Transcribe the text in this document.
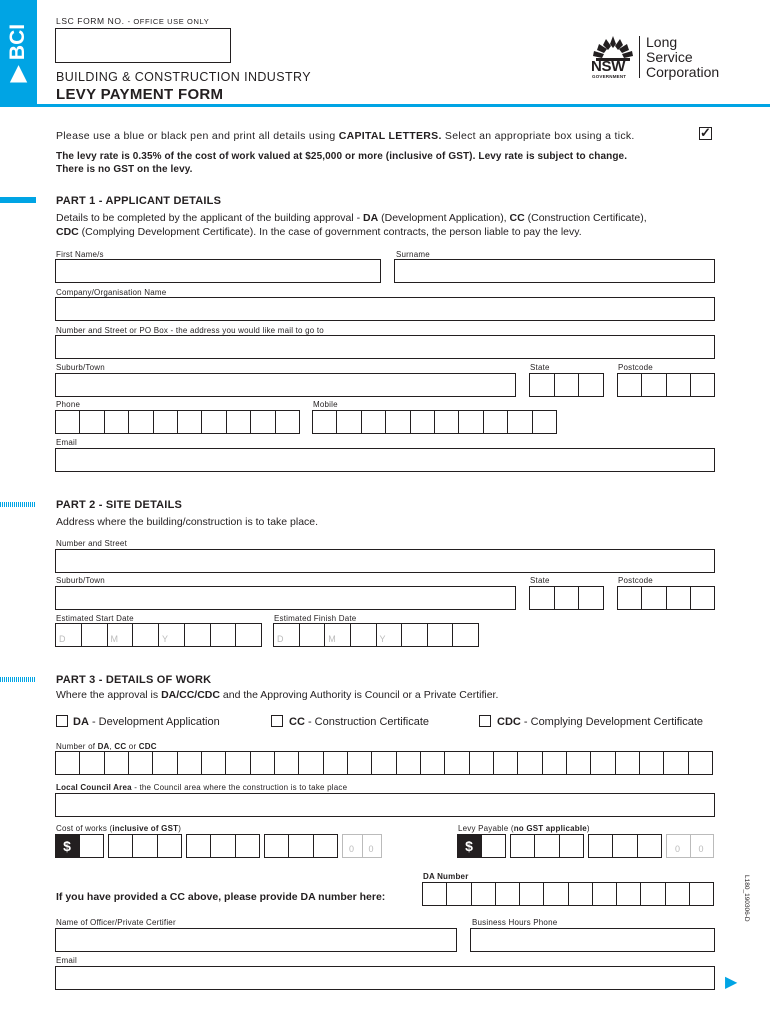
▶ BCI
LSC FORM NO. - OFFICE USE ONLY
BUILDING & CONSTRUCTION INDUSTRY
LEVY PAYMENT FORM
NSW
GOVERNMENT
Long
Service
Corporation
Please use a blue or black pen and print all details using CAPITAL LETTERS. Select an appropriate box using a tick.	✓
The levy rate is 0.35% of the cost of work valued at $25,000 or more (inclusive of GST). Levy rate is subject to change.
There is no GST on the levy.
PART 1 - APPLICANT DETAILS
Details to be completed by the applicant of the building approval - DA (Development Application), CC (Construction Certificate),
CDC (Complying Development Certificate). In the case of government contracts, the person liable to pay the levy.
First Name/s	Surname
Company/Organisation Name
Number and Street or PO Box - the address you would like mail to go to
Suburb/Town	State	Postcode
Phone	Mobile
Email
PART 2 - SITE DETAILS
Address where the building/construction is to take place.
Number and Street
Suburb/Town	State	Postcode
Estimated Start Date	Estimated Finish Date
D	M	Y	D	M	Y
PART 3 - DETAILS OF WORK
Where the approval is DA/CC/CDC and the Approving Authority is Council or a Private Certifier.
DA - Development Application	CC - Construction Certificate	CDC - Complying Development Certificate
Number of DA, CC or CDC
Local Council Area - the Council area where the construction is to take place
Cost of works (inclusive of GST)	Levy Payable (no GST applicable)
$	0 0	$	0 0
DA Number
If you have provided a CC above, please provide DA number here:
Name of Officer/Private Certifier	Business Hours Phone
Email
L180_190306-D
▶
